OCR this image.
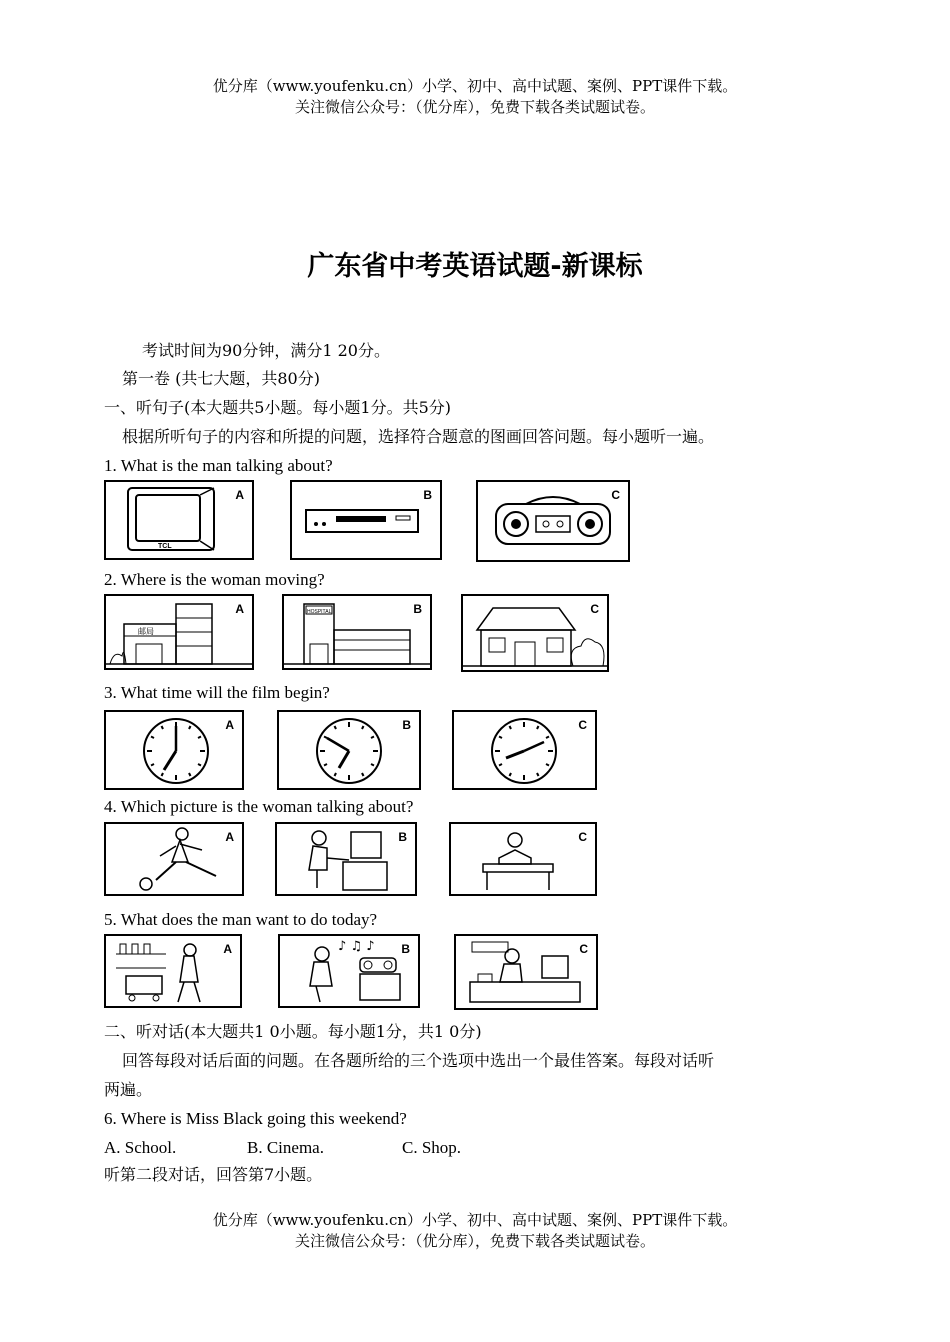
优分库（www.youfenku.cn）小学、初中、高中试题、案例、PPT课件下载。
关注微信公众号：（优分库），免费下载各类试题试卷。
广东省中考英语试题-新课标
考试时间为90分钟，满分1 20分。
第一卷 (共七大题，共80分)
一、听句子(本大题共5小题。每小题1分。共5分)
根据所听句子的内容和所提的问题，选择符合题意的图画回答问题。每小题听一遍。
1. What is the man talking about?
TCL
A	B	C
2. Where is the woman moving?
邮局
A	HOSPITAL	B	C
3. What time will the film begin?
A	B	C
4. Which picture is the woman talking about?
A	B	C
5. What does the man want to do today?
A	♪ ♫ ♪ B	C
二、听对话(本大题共1 0小题。每小题1分，共1 0分)
回答每段对话后面的问题。在各题所给的三个选项中选出一个最佳答案。每段对话听
两遍。
6. Where is Miss Black going this weekend?
A. School.	B. Cinema.	C. Shop.
听第二段对话，回答第7小题。
优分库（www.youfenku.cn）小学、初中、高中试题、案例、PPT课件下载。
关注微信公众号：（优分库），免费下载各类试题试卷。
